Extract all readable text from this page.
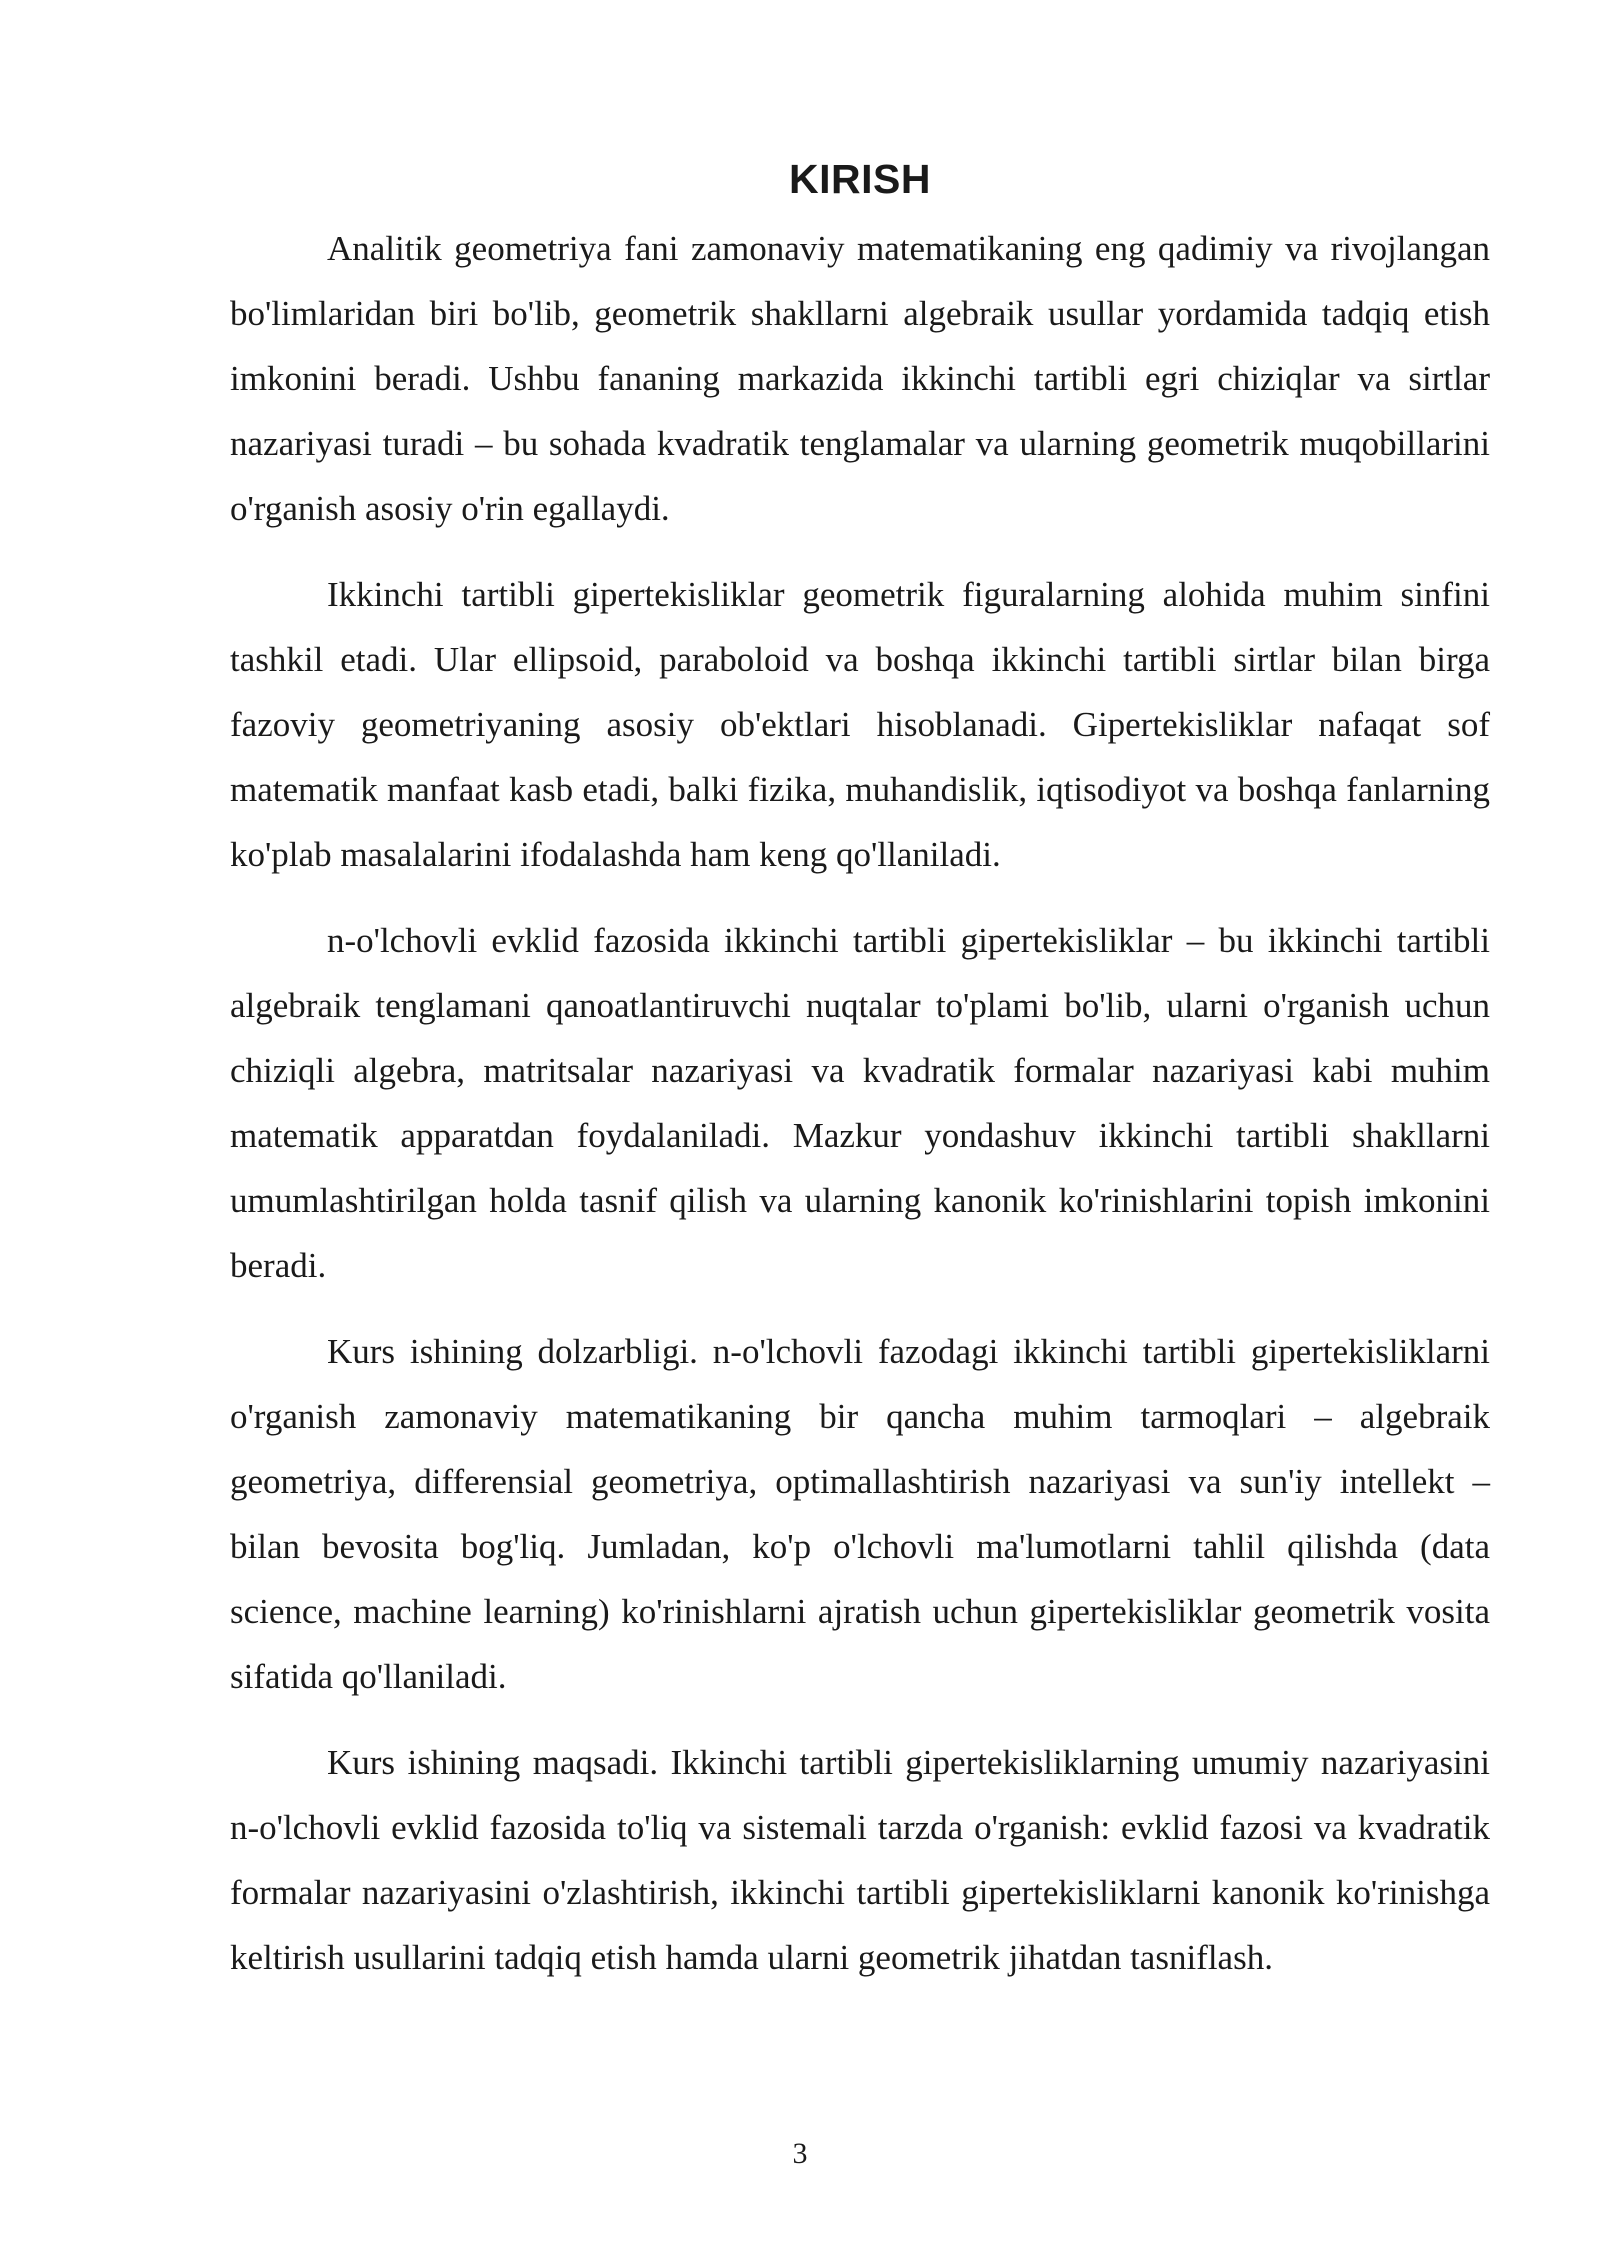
KIRISH

Analitik geometriya fani zamonaviy matematikaning eng qadimiy va rivojlangan bo'limlaridan biri bo'lib, geometrik shakllarni algebraik usullar yordamida tadqiq etish imkonini beradi. Ushbu fananing markazida ikkinchi tartibli egri chiziqlar va sirtlar nazariyasi turadi – bu sohada kvadratik tenglamalar va ularning geometrik muqobillarini o'rganish asosiy o'rin egallaydi.

Ikkinchi tartibli gipertekisliklar geometrik figuralarning alohida muhim sinfini tashkil etadi. Ular ellipsoid, paraboloid va boshqa ikkinchi tartibli sirtlar bilan birga fazoviy geometriyaning asosiy ob'ektlari hisoblanadi. Gipertekisliklar nafaqat sof matematik manfaat kasb etadi, balki fizika, muhandislik, iqtisodiyot va boshqa fanlarning ko'plab masalalarini ifodalashda ham keng qo'llaniladi.

n-o'lchovli evklid fazosida ikkinchi tartibli gipertekisliklar – bu ikkinchi tartibli algebraik tenglamani qanoatlantiruvchi nuqtalar to'plami bo'lib, ularni o'rganish uchun chiziqli algebra, matritsalar nazariyasi va kvadratik formalar nazariyasi kabi muhim matematik apparatdan foydalaniladi. Mazkur yondashuv ikkinchi tartibli shakllarni umumlashtirilgan holda tasnif qilish va ularning kanonik ko'rinishlarini topish imkonini beradi.

Kurs ishining dolzarbligi. n-o'lchovli fazodagi ikkinchi tartibli gipertekisliklarni o'rganish zamonaviy matematikaning bir qancha muhim tarmoqlari – algebraik geometriya, differensial geometriya, optimallashtirish nazariyasi va sun'iy intellekt – bilan bevosita bog'liq. Jumladan, ko'p o'lchovli ma'lumotlarni tahlil qilishda (data science, machine learning) ko'rinishlarni ajratish uchun gipertekisliklar geometrik vosita sifatida qo'llaniladi.

Kurs ishining maqsadi. Ikkinchi tartibli gipertekisliklarning umumiy nazariyasini n-o'lchovli evklid fazosida to'liq va sistemali tarzda o'rganish: evklid fazosi va kvadratik formalar nazariyasini o'zlashtirish, ikkinchi tartibli gipertekisliklarni kanonik ko'rinishga keltirish usullarini tadqiq etish hamda ularni geometrik jihatdan tasniflash.

3
